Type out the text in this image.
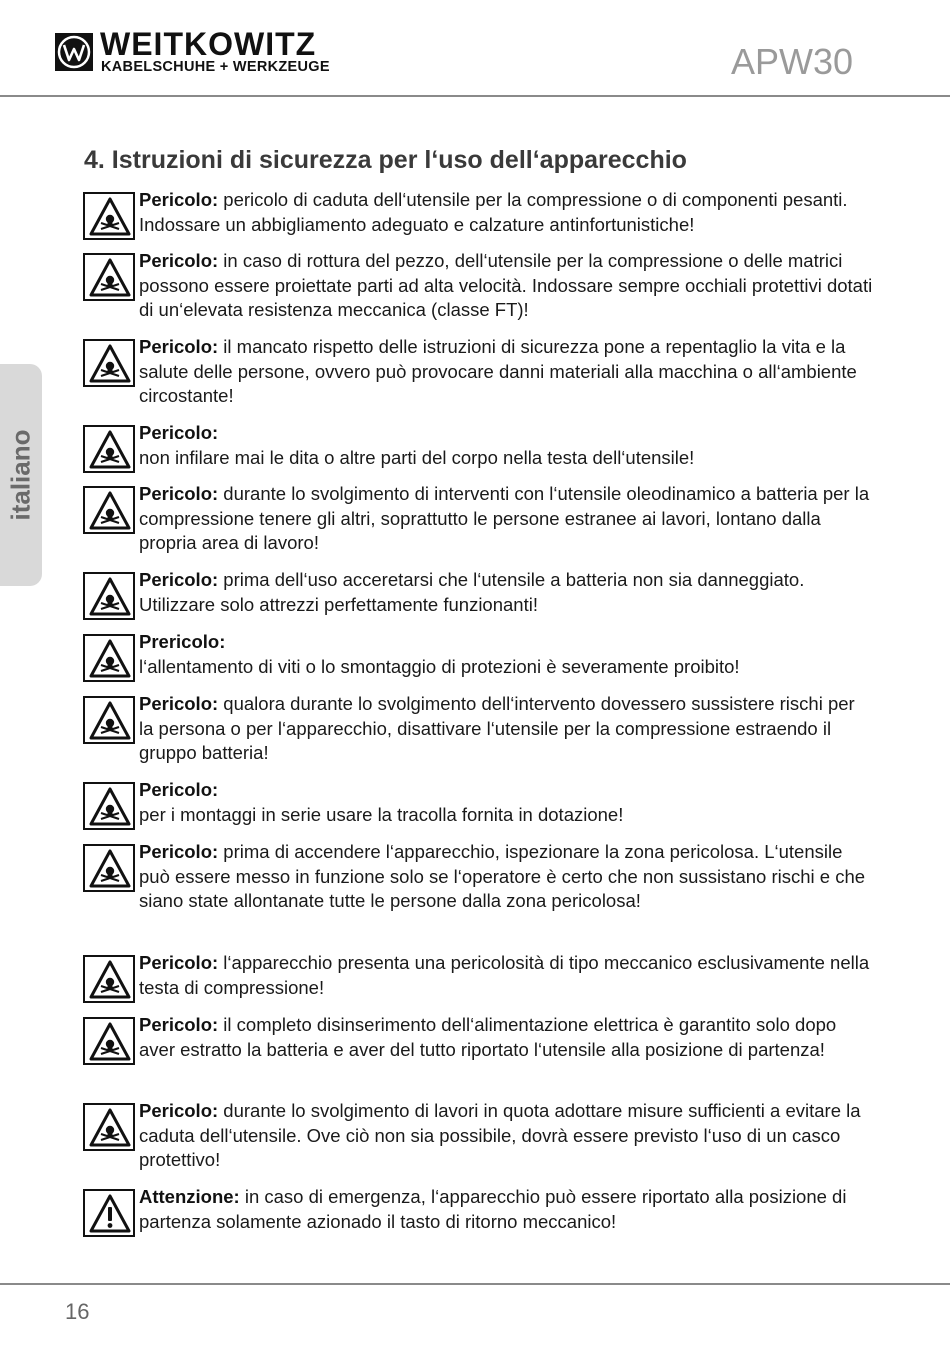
WEITKOWITZ
KABELSCHUHE + WERKZEUGE	APW30
italiano
4. Istruzioni di sicurezza per l‘uso dell‘apparecchio
Pericolo: pericolo di caduta dell‘utensile per la compressione o di componenti pesanti. Indossare un abbigliamento adeguato e calzature antinfortunistiche!
Pericolo: in caso di rottura del pezzo, dell‘utensile per la compressione o delle matrici possono essere proiettate parti ad alta velocità. Indossare sempre occhiali protettivi dotati di un‘elevata resistenza meccanica (classe FT)!
Pericolo: il mancato rispetto delle istruzioni di sicurezza pone a repentaglio la vita e la salute delle persone, ovvero può provocare danni materiali alla macchina o all‘ambiente circostante!
Pericolo:
non infilare mai le dita o altre parti del corpo nella testa dell‘utensile!
Pericolo: durante lo svolgimento di interventi con l‘utensile oleodinamico a batteria per la compressione tenere gli altri, soprattutto le persone estranee ai lavori, lontano dalla propria area di lavoro!
Pericolo: prima dell‘uso acceretarsi che l‘utensile a batteria non sia danneggiato. Utilizzare solo attrezzi perfettamente funzionanti!
Prericolo:
l‘allentamento di viti o lo smontaggio di protezioni è severamente proibito!
Pericolo: qualora durante lo svolgimento dell‘intervento dovessero sussistere rischi per la persona o per l‘apparecchio, disattivare l‘utensile per la compressione estraendo il gruppo batteria!
Pericolo:
per i montaggi in serie usare la tracolla fornita in dotazione!
Pericolo: prima di accendere l‘apparecchio, ispezionare la zona pericolosa. L‘utensile può essere messo in funzione solo se l‘operatore è certo che non sussistano rischi e che siano state allontanate tutte le persone dalla zona pericolosa!
Pericolo: l‘apparecchio presenta una pericolosità di tipo meccanico esclusivamente nella testa di compressione!
Pericolo: il completo disinserimento dell‘alimentazione elettrica è garantito solo dopo aver estratto la batteria e aver del tutto riportato l‘utensile alla posizione di partenza!
Pericolo: durante lo svolgimento di lavori in quota adottare misure sufficienti a evitare la caduta dell‘utensile. Ove ciò non sia possibile, dovrà essere previsto l‘uso di un casco protettivo!
Attenzione: in caso di emergenza, l‘apparecchio può essere riportato alla posizione di partenza solamente azionado il tasto di ritorno meccanico!
16
